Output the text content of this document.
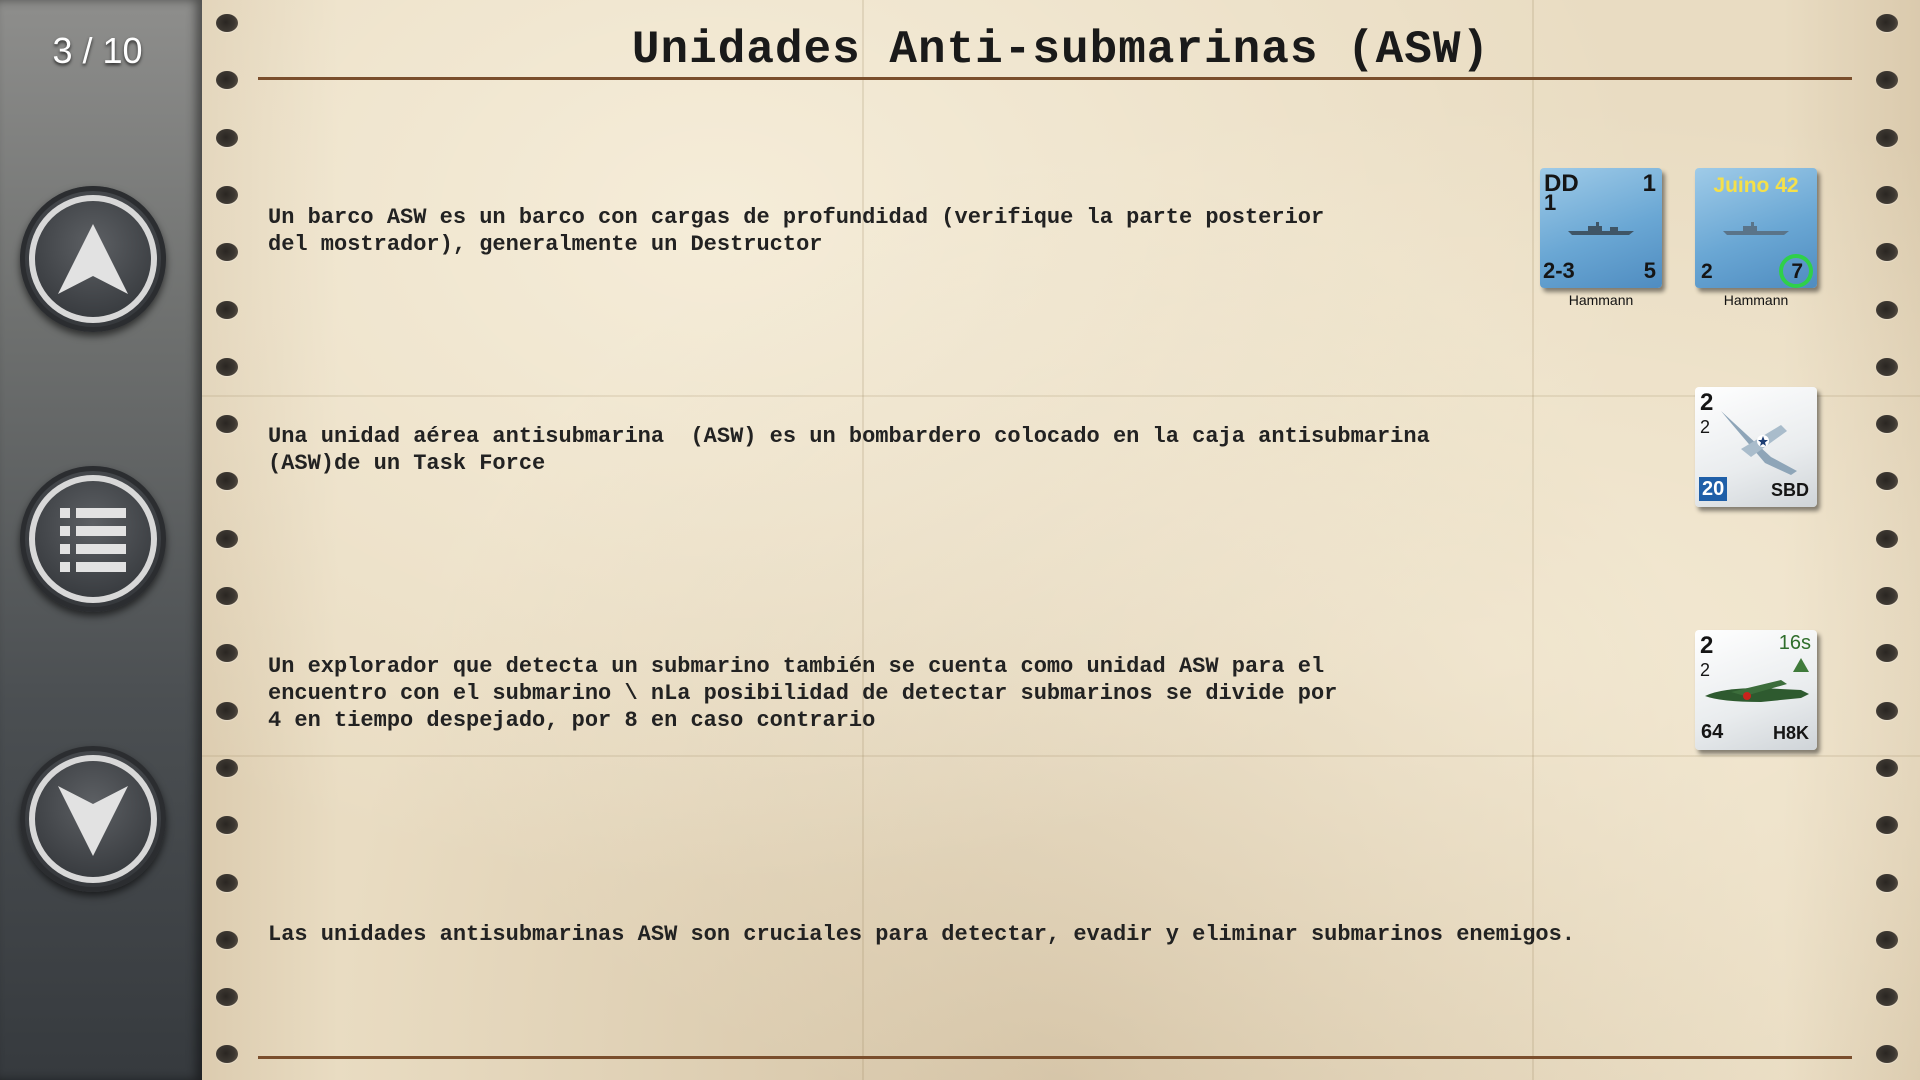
3 / 10	Unidades Anti-submarinas (ASW)
Un barco ASW es un barco con cargas de profundidad (verifique la parte posterior
del mostrador), generalmente un Destructor
Una unidad aérea antisubmarina  (ASW) es un bombardero colocado en la caja antisubmarina
(ASW)de un Task Force
Un explorador que detecta un submarino también se cuenta como unidad ASW para el
encuentro con el submarino \ nLa posibilidad de detectar submarinos se divide por
4 en tiempo despejado, por 8 en caso contrario
Las unidades antisubmarinas ASW son cruciales para detectar, evadir y eliminar submarinos enemigos.
DD	1
1
2-3	5
Hammann
Juino 42
2	7
Hammann
2
2
20	SBD
2
2
16s
64	H8K
